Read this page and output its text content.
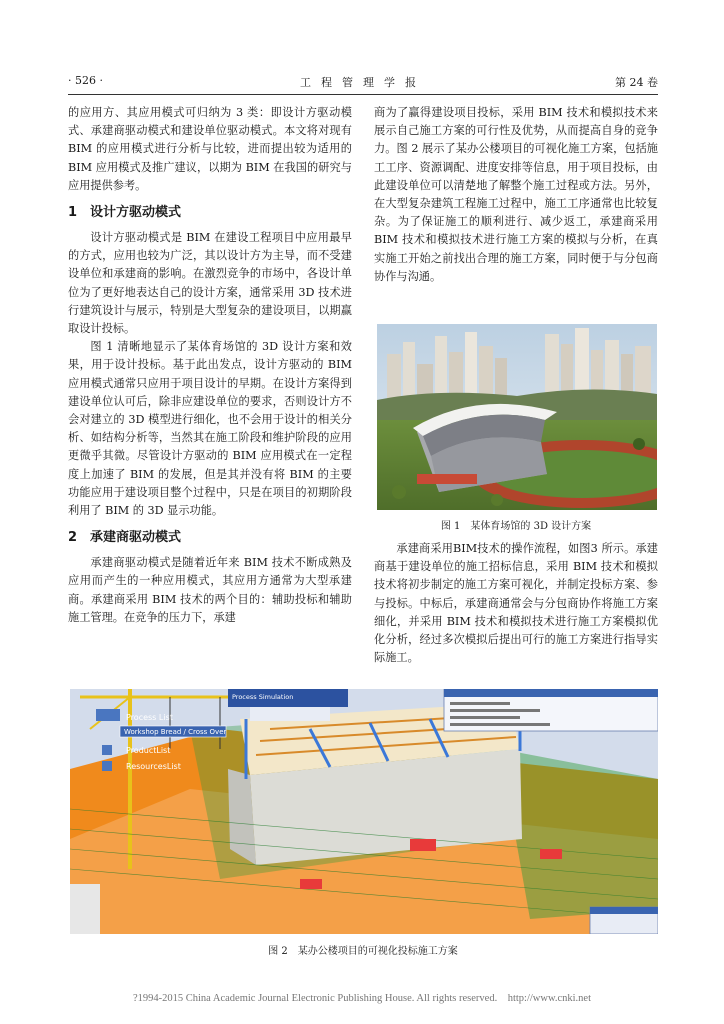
· 526 ·	工程管理学报	第 24 卷

的应用方、其应用模式可归纳为 3 类：即设计方驱动模式、承建商驱动模式和建设单位驱动模式。本文将对现有 BIM 的应用模式进行分析与比较，进而提出较为适用的 BIM 应用模式及推广建议，以期为 BIM 在我国的研究与应用提供参考。

1　设计方驱动模式

设计方驱动模式是 BIM 在建设工程项目中应用最早的方式，应用也较为广泛，其以设计方为主导，而不受建设单位和承建商的影响。在激烈竞争的市场中，各设计单位为了更好地表达自己的设计方案，通常采用 3D 技术进行建筑设计与展示，特别是大型复杂的建设项目，以期赢取设计投标。

图 1 清晰地显示了某体育场馆的 3D 设计方案和效果，用于设计投标。基于此出发点，设计方驱动的 BIM 应用模式通常只应用于项目设计的早期。在设计方案得到建设单位认可后，除非应建设单位的要求，否则设计方不会对建立的 3D 模型进行细化，也不会用于设计的相关分析、如结构分析等，当然其在施工阶段和维护阶段的应用更微乎其微。尽管设计方驱动的 BIM 应用模式在一定程度上加速了 BIM 的发展，但是其并没有将 BIM 的主要功能应用于建设项目整个过程中，只是在项目的初期阶段利用了 BIM 的 3D 显示功能。

2　承建商驱动模式

承建商驱动模式是随着近年来 BIM 技术不断成熟及应用而产生的一种应用模式，其应用方通常为大型承建商。承建商采用 BIM 技术的两个目的：辅助投标和辅助施工管理。在竞争的压力下，承建

商为了赢得建设项目投标，采用 BIM 技术和模拟技术来展示自己施工方案的可行性及优势，从而提高自身的竞争力。图 2 展示了某办公楼项目的可视化施工方案，包括施工工序、资源调配、进度安排等信息，用于项目投标，由此建设单位可以清楚地了解整个施工过程或方法。另外，在大型复杂建筑工程施工过程中，施工工序通常也比较复杂。为了保证施工的顺利进行、减少返工，承建商采用 BIM 技术和模拟技术进行施工方案的模拟与分析，在真实施工开始之前找出合理的施工方案，同时便于与分包商协作与沟通。

图 1　某体育场馆的 3D 设计方案

承建商采用BIM技术的操作流程，如图3 所示。承建商基于建设单位的施工招标信息，采用 BIM 技术和模拟技术将初步制定的施工方案可视化，并制定投标方案、参与投标。中标后，承建商通常会与分包商协作将施工方案细化，并采用 BIM 技术和模拟技术进行施工方案模拟优化分析，经过多次模拟后提出可行的施工方案进行指导实际施工。

Process List
Workshop Bread / Cross Over
ProductList
ResourcesList
Process Simulation
图 2　某办公楼项目的可视化投标施工方案
?1994-2015 China Academic Journal Electronic Publishing House. All rights reserved.　http://www.cnki.net
